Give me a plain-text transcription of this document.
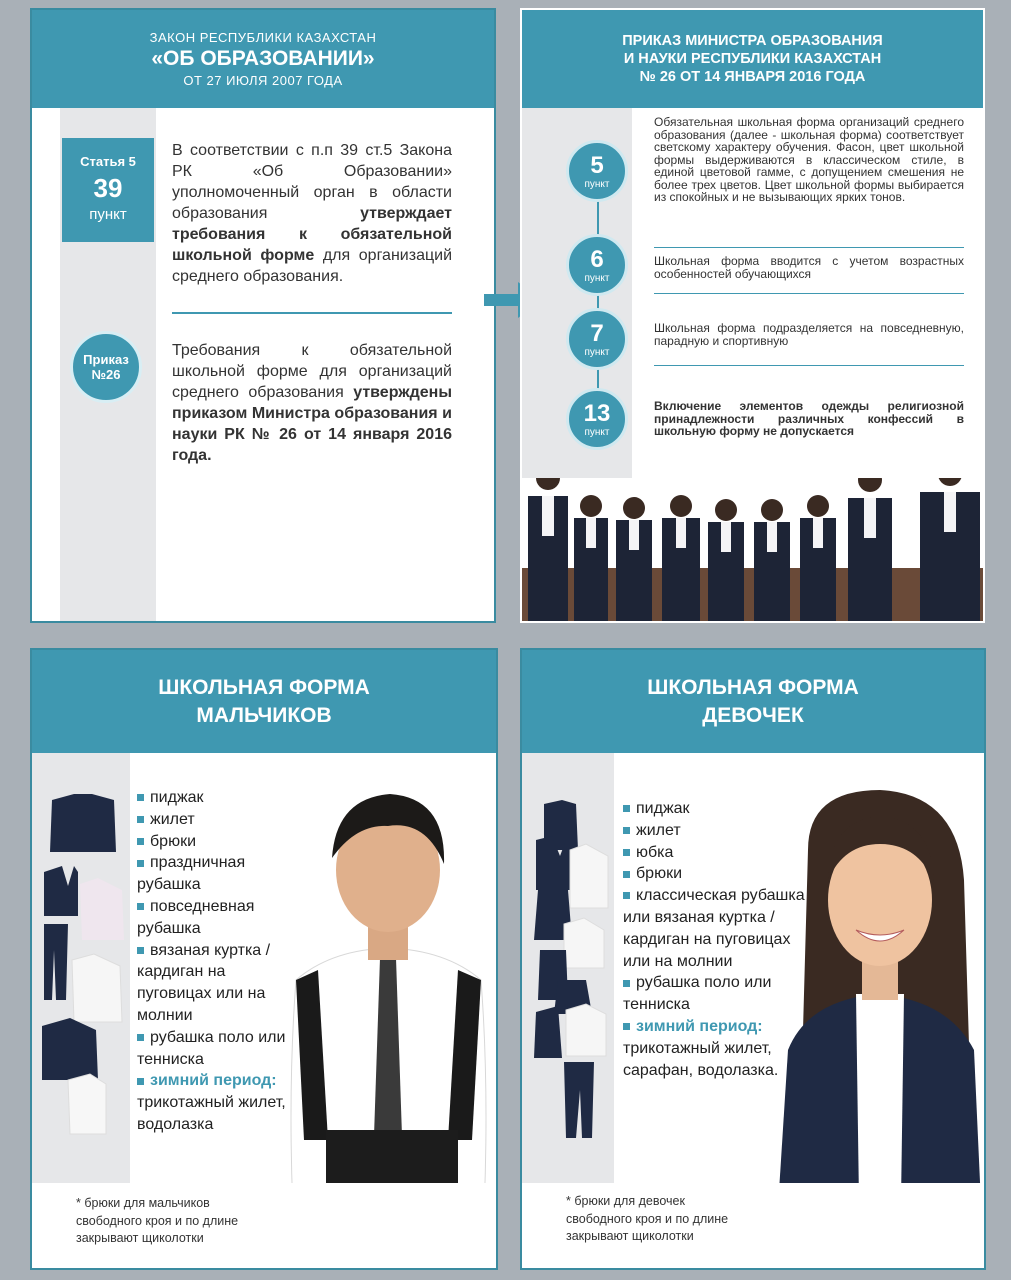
ЗАКОН РЕСПУБЛИКИ КАЗАХСТАН
«ОБ ОБРАЗОВАНИИ»
ОТ 27 ИЮЛЯ 2007 ГОДА
Статья 5
39
пункт
В соответствии с п.п 39 ст.5 Закона РК «Об Образовании» уполномоченный орган в области образования утверждает требования к обязательной школьной форме для организаций среднего образования.
Приказ
№26
Требования к обязательной школьной форме для организаций среднего образования утверждены приказом Министра образования и науки РК № 26 от 14 января 2016 года.
ПРИКАЗ МИНИСТРА ОБРАЗОВАНИЯ
И НАУКИ РЕСПУБЛИКИ КАЗАХСТАН
№ 26 ОТ 14 ЯНВАРЯ 2016 ГОДА
5
пункт
6
пункт
7
пункт
13
пункт
Обязательная школьная форма организаций среднего образования (далее - школьная форма) соответствует светскому характеру обучения. Фасон, цвет школьной формы выдерживаются в классическом стиле, в единой цветовой гамме, с допущением смешения не более трех цветов. Цвет школьной формы выбирается из спокойных и не вызывающих ярких тонов.
Школьная форма вводится с учетом возрастных особенностей обучающихся
Школьная форма подразделяется на повседневную, парадную и спортивную
Включение элементов одежды религиозной принадлежности различных конфессий в школьную форму не допускается
ШКОЛЬНАЯ ФОРМА
МАЛЬЧИКОВ
пиджак
жилет
брюки
праздничная рубашка
повседневная рубашка
вязаная куртка / кардиган на пуговицах или на молнии
рубашка поло или тенниска
зимний период: трикотажный жилет, водолазка
* брюки для мальчиков
свободного кроя и по длине
закрывают щиколотки
ШКОЛЬНАЯ ФОРМА
ДЕВОЧЕК
пиджак
жилет
юбка
брюки
классическая рубашка или вязаная куртка / кардиган на пуговицах или на молнии
рубашка поло или тенниска
зимний период: трикотажный жилет, сарафан, водолазка.
* брюки для девочек
свободного кроя и по длине
закрывают щиколотки
